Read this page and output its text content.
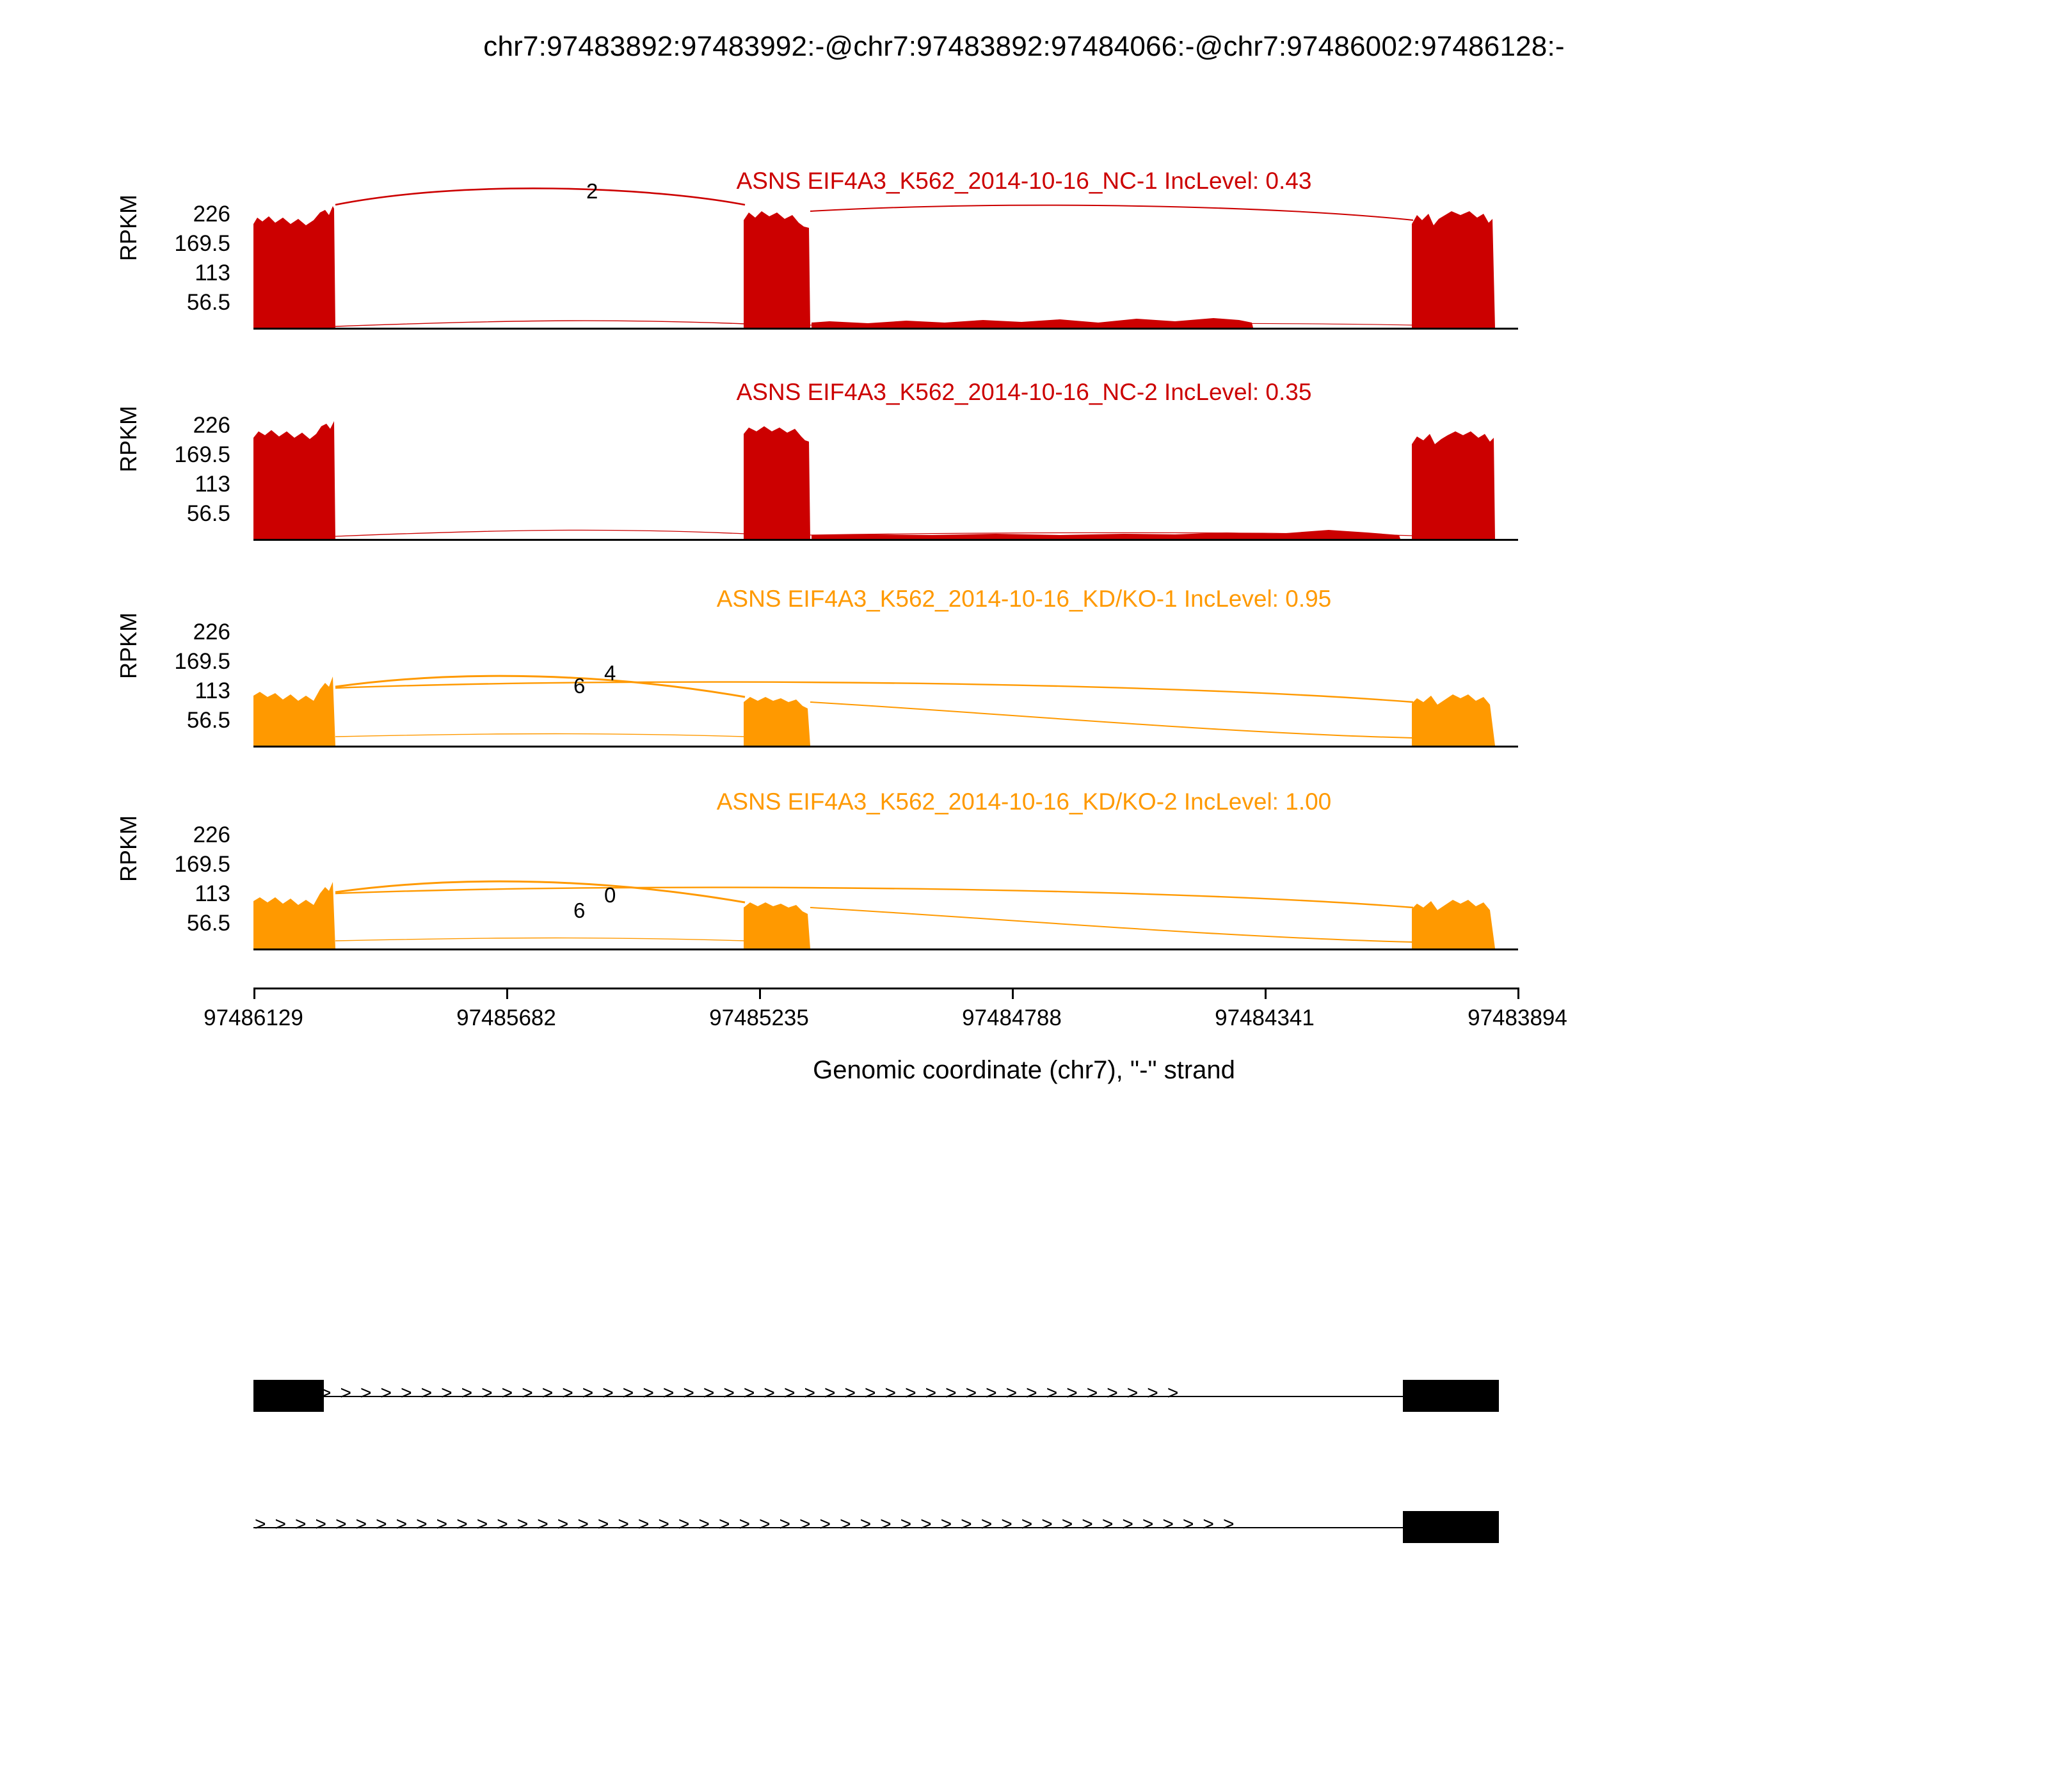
chr7:97483892:97483992:-@chr7:97483892:97484066:-@chr7:97486002:97486128:-
ASNS EIF4A3_K562_2014-10-16_NC-1 IncLevel: 0.43
RPKM	226
169.5
113
56.5
2
ASNS EIF4A3_K562_2014-10-16_NC-2 IncLevel: 0.35
RPKM	226
169.5
113
56.5
ASNS EIF4A3_K562_2014-10-16_KD/KO-1 IncLevel: 0.95
RPKM	226
169.5
113
56.5
6
4
ASNS EIF4A3_K562_2014-10-16_KD/KO-2 IncLevel: 1.00
RPKM	226
169.5
113
56.5
6
0
97486129	97485682	97485235	97484788	97484341	97483894
Genomic coordinate (chr7), "-" strand
>>>>>>>>>>>>>>>>>>>>>>>>>>>>>>>>>>>>>>>>>>>
>>>>>>>>>>>>>>>>>>>>>>>>>>>>>>>>>>>>>>>>>>>>>>>>>
